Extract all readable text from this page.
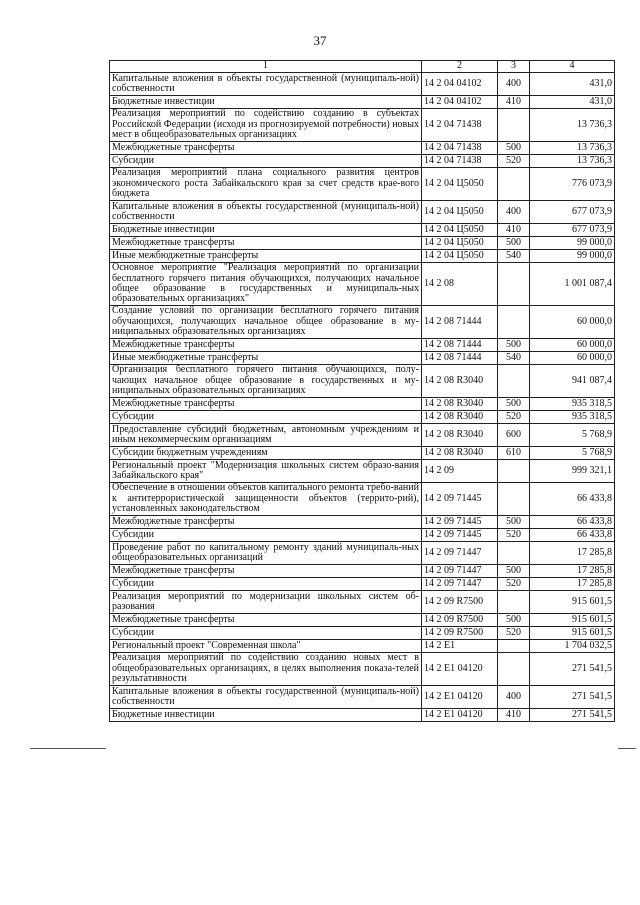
37
1	2	3	4
Капитальные вложения в объекты государственной (муниципаль-ной) собственности	14 2 04 04102	400	431,0
Бюджетные инвестиции	14 2 04 04102	410	431,0
Реализация мероприятий по содействию созданию в субъектах Российской Федерации (исходя из прогнозируемой потребности) новых мест в общеобразовательных организациях	14 2 04 71438		13 736,3
Межбюджетные трансферты	14 2 04 71438	500	13 736,3
Субсидии	14 2 04 71438	520	13 736,3
Реализация мероприятий плана социального развития центров экономического роста Забайкальского края за счет средств крае-вого бюджета	14 2 04 Ц5050		776 073,9
Капитальные вложения в объекты государственной (муниципаль-ной) собственности	14 2 04 Ц5050	400	677 073,9
Бюджетные инвестиции	14 2 04 Ц5050	410	677 073,9
Межбюджетные трансферты	14 2 04 Ц5050	500	99 000,0
Иные межбюджетные трансферты	14 2 04 Ц5050	540	99 000,0
Основное мероприятие "Реализация мероприятий по организации бесплатного горячего питания обучающихся, получающих начальное общее образование в государственных и муниципаль-ных образовательных организациях"	14 2 08		1 001 087,4
Создание условий по организации бесплатного горячего питания обучающихся, получающих начальное общее образование в му-ниципальных образовательных организациях	14 2 08 71444		60 000,0
Межбюджетные трансферты	14 2 08 71444	500	60 000,0
Иные межбюджетные трансферты	14 2 08 71444	540	60 000,0
Организация бесплатного горячего питания обучающихся, полу-чающих начальное общее образование в государственных и му-ниципальных образовательных организациях	14 2 08 R3040		941 087,4
Межбюджетные трансферты	14 2 08 R3040	500	935 318,5
Субсидии	14 2 08 R3040	520	935 318,5
Предоставление субсидий бюджетным, автономным учреждениям и иным некоммерческим организациям	14 2 08 R3040	600	5 768,9
Субсидии бюджетным учреждениям	14 2 08 R3040	610	5 768,9
Региональный проект "Модернизация школьных систем образо-вания Забайкальского края"	14 2 09		999 321,1
Обеспечение в отношении объектов капитального ремонта требо-ваний к антитеррористической защищенности объектов (террито-рий), установленных законодательством	14 2 09 71445		66 433,8
Межбюджетные трансферты	14 2 09 71445	500	66 433,8
Субсидии	14 2 09 71445	520	66 433,8
Проведение работ по капитальному ремонту зданий муниципаль-ных общеобразовательных организаций	14 2 09 71447		17 285,8
Межбюджетные трансферты	14 2 09 71447	500	17 285,8
Субсидии	14 2 09 71447	520	17 285,8
Реализация мероприятий по модернизации школьных систем об-разования	14 2 09 R7500		915 601,5
Межбюджетные трансферты	14 2 09 R7500	500	915 601,5
Субсидии	14 2 09 R7500	520	915 601,5
Региональный проект "Современная школа"	14 2 E1		1 704 032,5
Реализация мероприятий по содействию созданию новых мест в общеобразовательных организациях, в целях выполнения показа-телей результативности	14 2 E1 04120		271 541,5
Капитальные вложения в объекты государственной (муниципаль-ной) собственности	14 2 E1 04120	400	271 541,5
Бюджетные инвестиции	14 2 E1 04120	410	271 541,5
